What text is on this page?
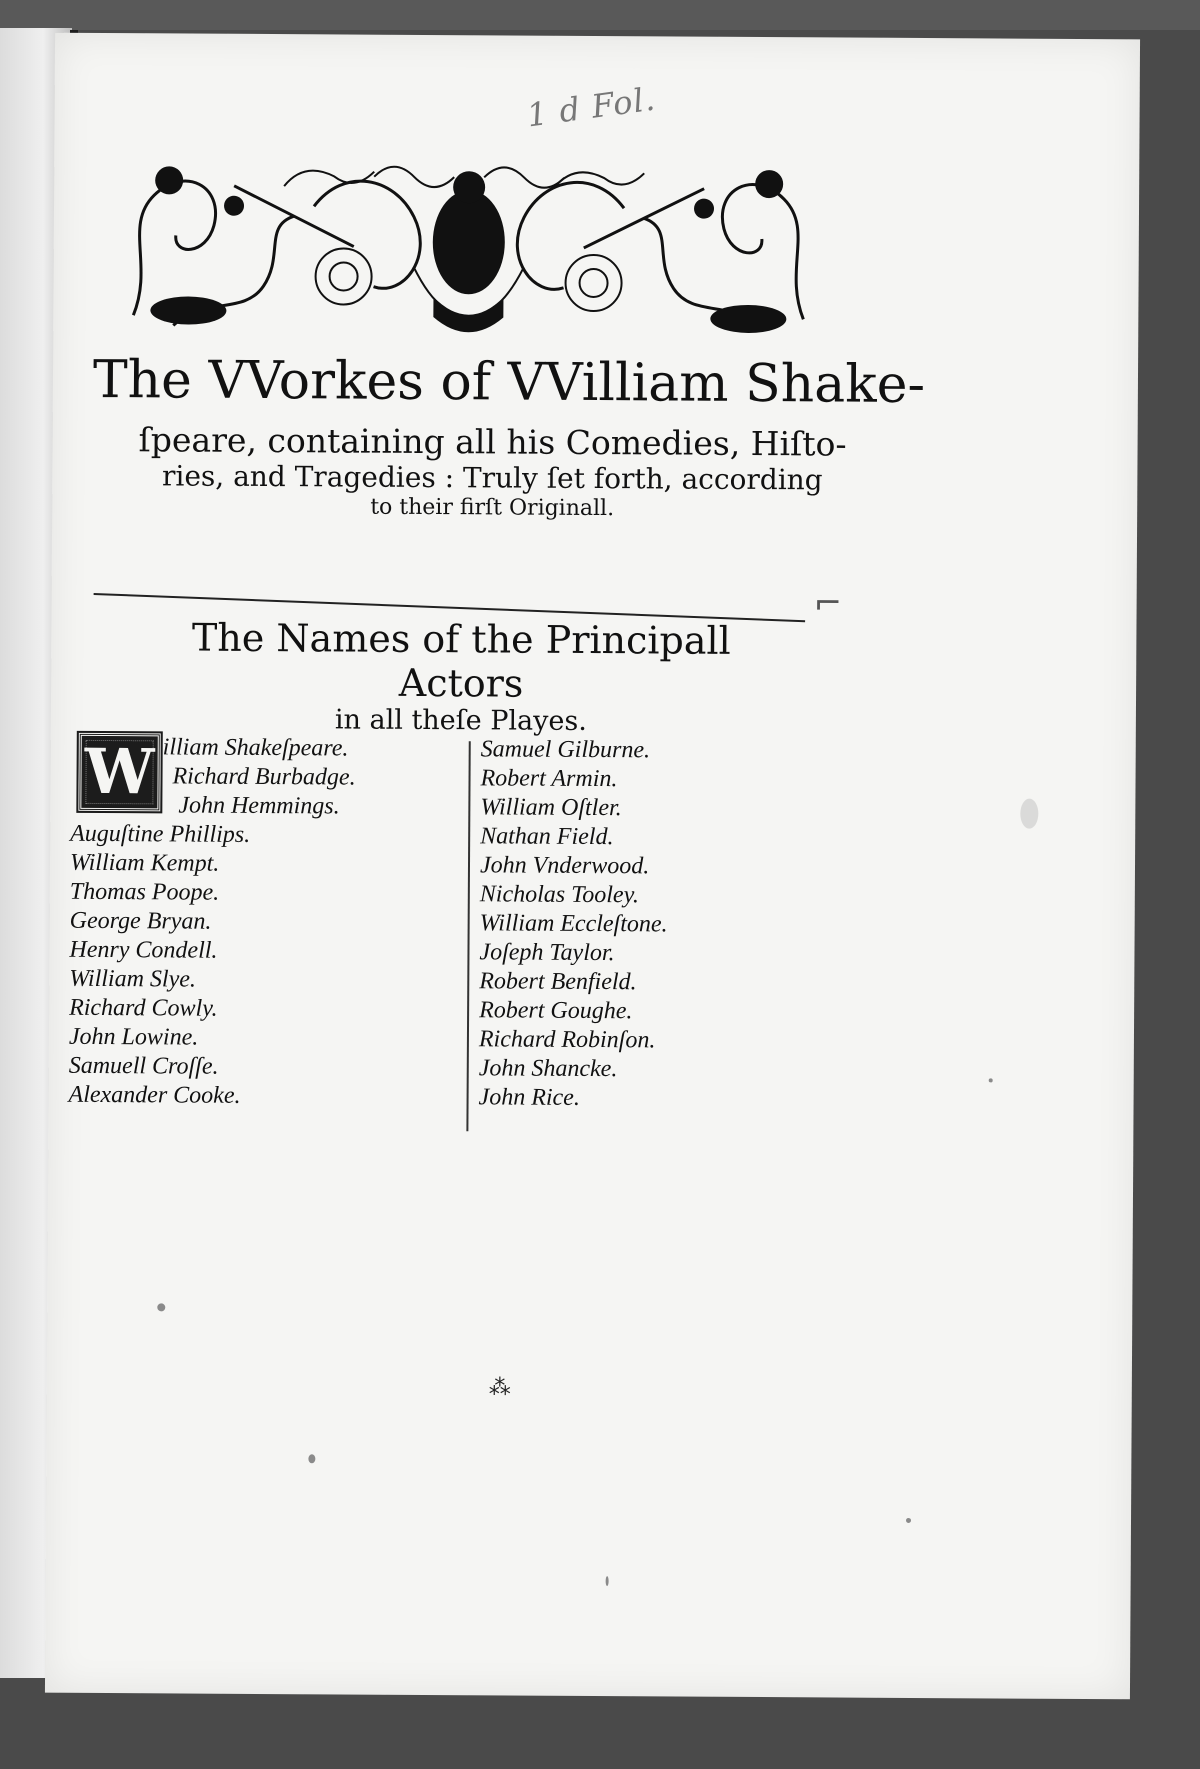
1 d Fol.
The VVorkes of VVilliam Shake-
ſpeare, containing all his Comedies, Hiſto-
ries, and Tragedies : Truly ſet forth, according
to their firſt Originall.
⌐
The Names of the Principall Actors
in all theſe Playes.
W illiam Shakeſpeare.
Richard Burbadge.
John Hemmings.
Auguſtine Phillips.
William Kempt.
Thomas Poope.
George Bryan.
Henry Condell.
William Slye.
Richard Cowly.
John Lowine.
Samuell Croſſe.
Alexander Cooke.
Samuel Gilburne.
Robert Armin.
William Oſtler.
Nathan Field.
John Vnderwood.
Nicholas Tooley.
William Eccleſtone.
Joſeph Taylor.
Robert Benfield.
Robert Goughe.
Richard Robinſon.
John Shancke.
John Rice.
⁂
